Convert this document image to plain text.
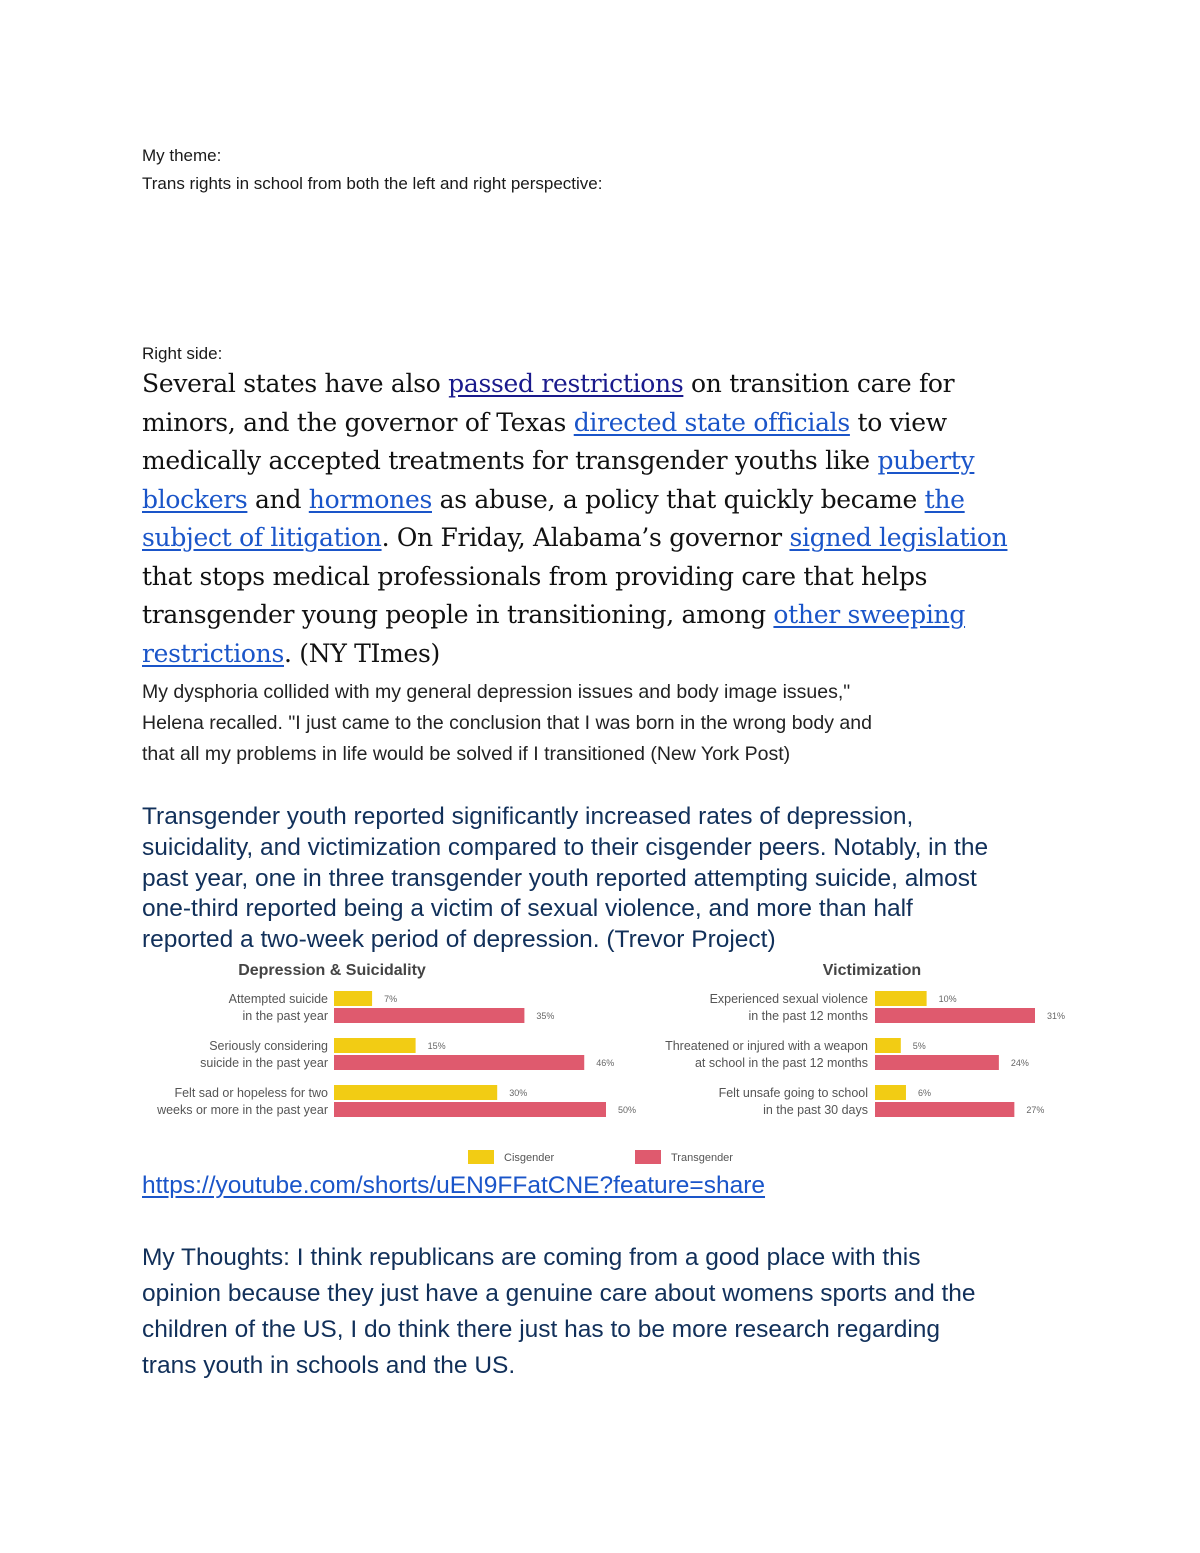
My theme:
Trans rights in school from both the left and right perspective:
Right side:
Several states have also passed restrictions on transition care for
minors, and the governor of Texas directed state officials to view
medically accepted treatments for transgender youths like puberty
blockers and hormones as abuse, a policy that quickly became the
subject of litigation. On Friday, Alabama’s governor signed legislation
that stops medical professionals from providing care that helps
transgender young people in transitioning, among other sweeping
restrictions. (NY TImes)
My dysphoria collided with my general depression issues and body image issues,"
Helena recalled. "I just came to the conclusion that I was born in the wrong body and
that all my problems in life would be solved if I transitioned (New York Post)
Transgender youth reported significantly increased rates of depression,
suicidality, and victimization compared to their cisgender peers. Notably, in the
past year, one in three transgender youth reported attempting suicide, almost
one-third reported being a victim of sexual violence, and more than half
reported a two-week period of depression. (Trevor Project)
Depression & Suicidality
Attempted suicide
in the past year
7%
35%
Seriously considering
suicide in the past year
15%
46%
Felt sad or hopeless for two
weeks or more in the past year
30%
50%
Victimization
Experienced sexual violence
in the past 12 months
10%
31%
Threatened or injured with a weapon
at school in the past 12 months
5%
24%
Felt unsafe going to school
in the past 30 days
6%
27%
Cisgender	Transgender
https://youtube.com/shorts/uEN9FFatCNE?feature=share
My Thoughts: I think republicans are coming from a good place with this
opinion because they just have a genuine care about womens sports and the
children of the US, I do think there just has to be more research regarding
trans youth in schools and the US.
